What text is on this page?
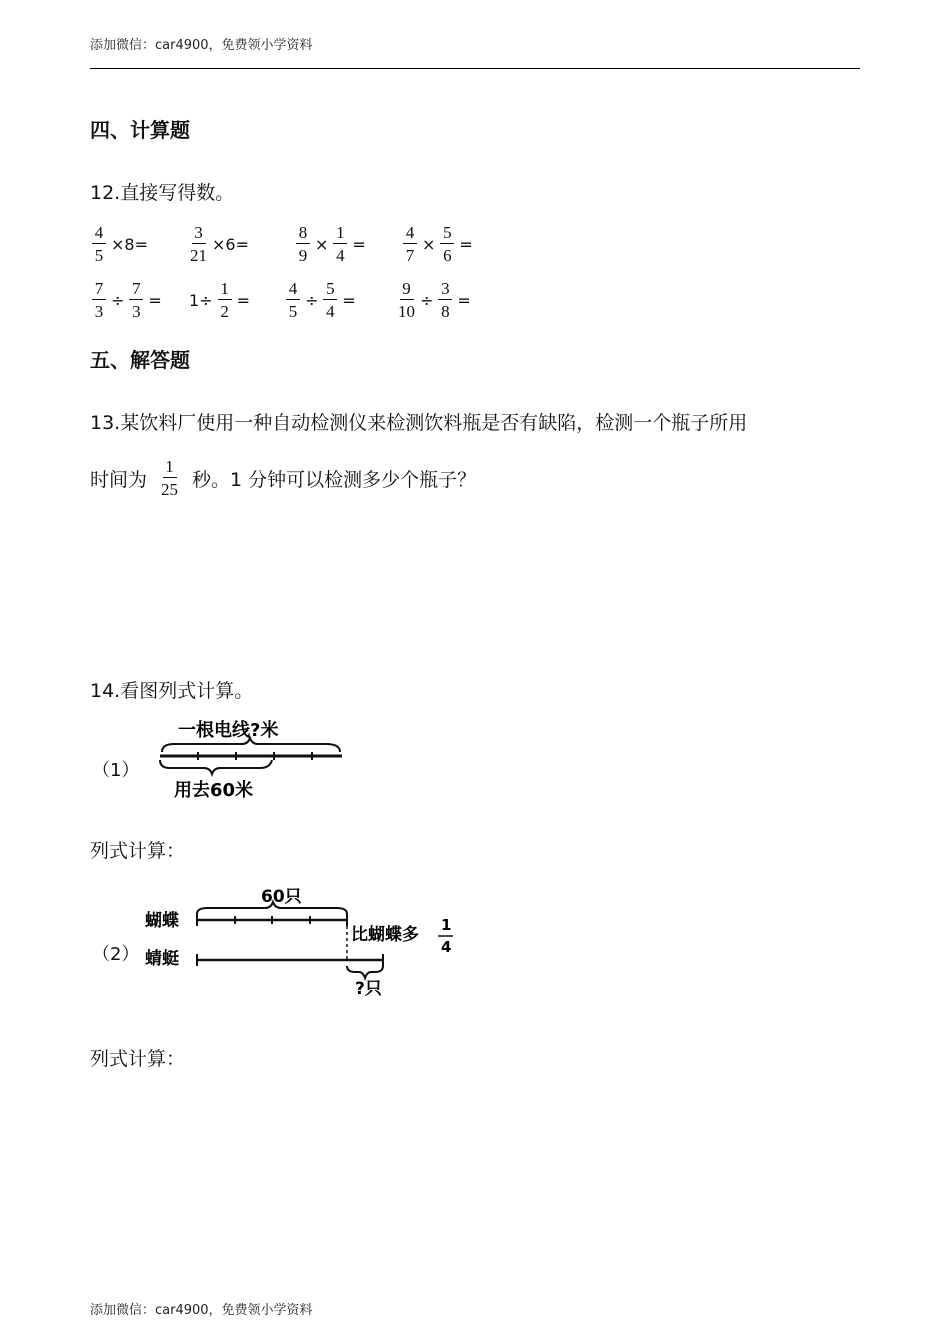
添加微信：car4900，免费领小学资料
四、计算题
12.直接写得数。
$\frac{4}{5} \times 8= \frac{3}{21} \times 6=$	$\frac{8}{9} \times \frac{1}{4} = \frac{4}{7} \times \frac{5}{6}$ =
$\frac{7}{3} \div \frac{7}{3} = 1\div \frac{1}{2} = \frac{4}{5} \div \frac{5}{4} = \frac{9}{10} \div \frac{3}{8}$ =
五、解答题
13.某饮料厂使用一种自动检测仪来检测饮料瓶是否有缺陷，检测一个瓶子所用
时间为 $\frac{1}{25}$ 秒。1 分钟可以检测多少个瓶子？
14.看图列式计算。
（1）
一根电线?米
用去60米
列式计算：
（2）
60只
蝴蝶
比蝴蝶多 1
4
蜻蜓
?只
列式计算：
添加微信：car4900，免费领小学资料
